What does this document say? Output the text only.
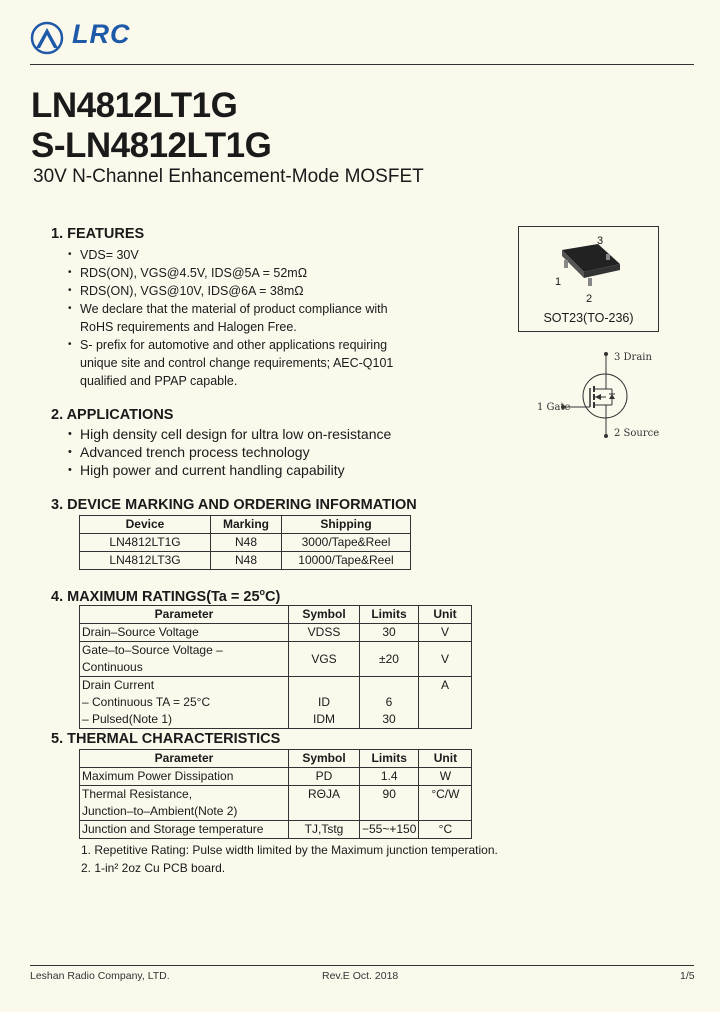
LRC
LN4812LT1G
S-LN4812LT1G
30V N-Channel Enhancement-Mode MOSFET
1. FEATURES
• VDS= 30V
• RDS(ON), VGS@4.5V, IDS@5A = 52mΩ
• RDS(ON), VGS@10V, IDS@6A = 38mΩ
• We declare that the material of product compliance with
RoHS requirements and Halogen Free.
• S- prefix for automotive and other applications requiring
unique site and control change requirements; AEC-Q101
qualified and PPAP capable.
3
1
2
SOT23(TO-236)
3 Drain
1 Gate
2 Source
2. APPLICATIONS
• High density cell design for ultra low on-resistance
• Advanced trench process technology
• High power and current handling capability
3. DEVICE MARKING AND ORDERING INFORMATION
Device	Marking	Shipping
LN4812LT1G	N48	3000/Tape&Reel
LN4812LT3G	N48	10000/Tape&Reel
4. MAXIMUM RATINGS(Ta = $25^oC$)
Parameter	Symbol	Limits	Unit
Drain–Source Voltage	VDSS	30	V
Gate–to–Source Voltage – Continuous	VGS	±20	V
Drain Current			A
– Continuous TA = 25°C	ID	6	
– Pulsed(Note 1)	IDM	30	
5. THERMAL CHARACTERISTICS
Parameter	Symbol	Limits	Unit
Maximum Power Dissipation	PD	1.4	W
Thermal Resistance,	RΘJA	90	°C/W
Junction–to–Ambient(Note 2)			
Junction and Storage temperature	TJ,Tstg	−55~+150	°C
1. Repetitive Rating: Pulse width limited by the Maximum junction temperation.
2. 1-in² 2oz Cu PCB board.
Leshan Radio Company, LTD.	Rev.E Oct. 2018	1/5
